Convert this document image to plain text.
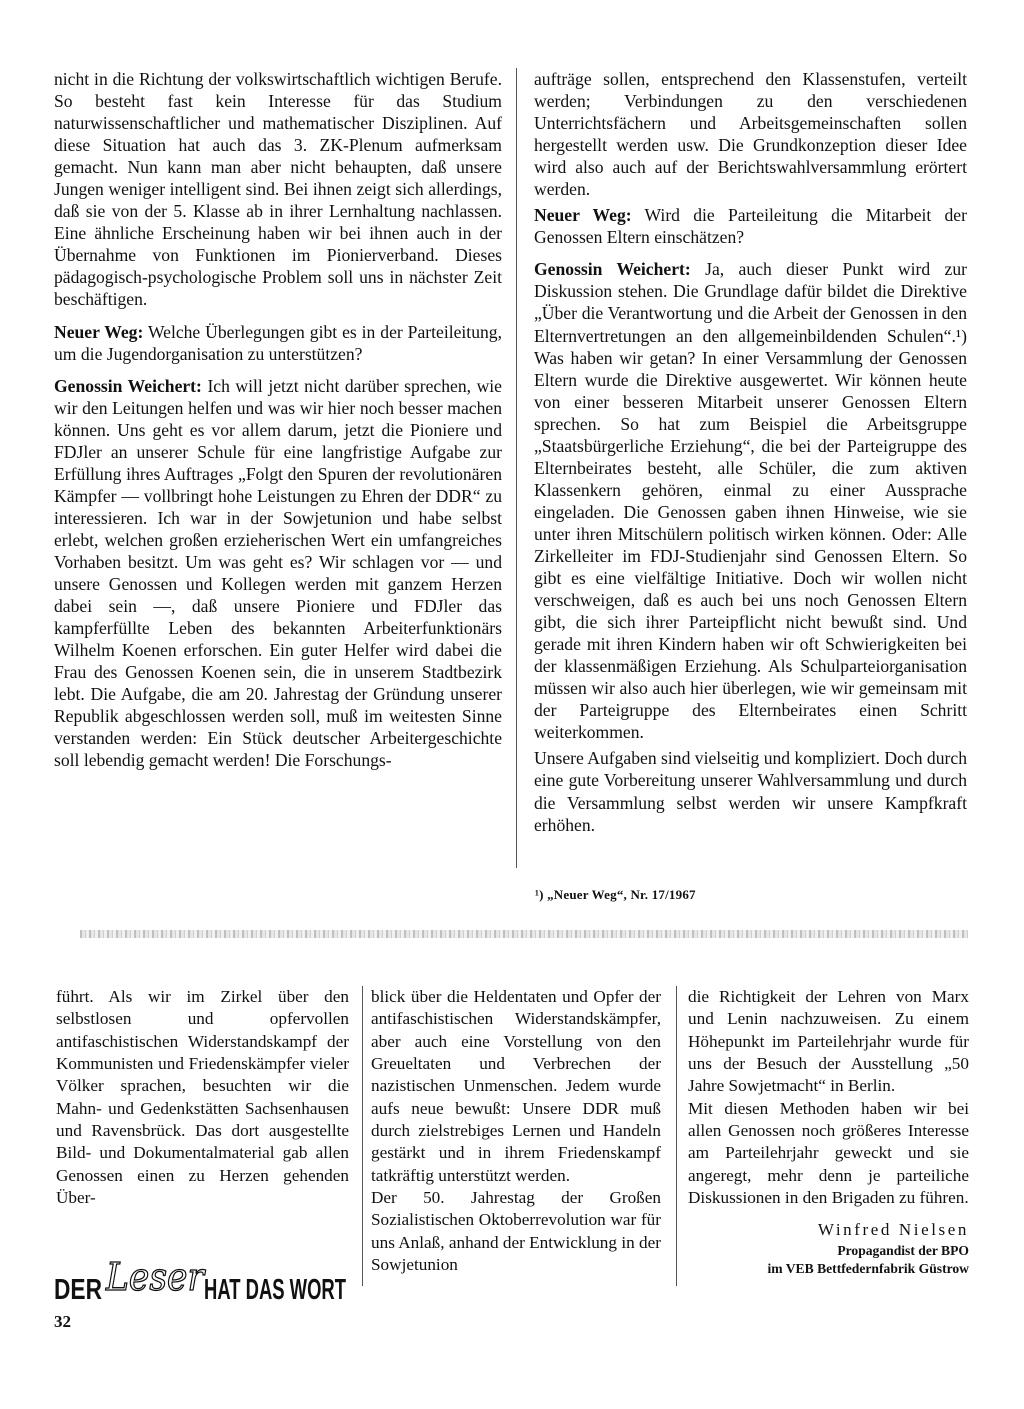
nicht in die Richtung der volkswirtschaftlich wichtigen Berufe. So besteht fast kein Interesse für das Studium naturwissenschaftlicher und mathematischer Disziplinen. Auf diese Situation hat auch das 3. ZK-Plenum aufmerksam gemacht. Nun kann man aber nicht behaupten, daß unsere Jungen weniger intelligent sind. Bei ihnen zeigt sich allerdings, daß sie von der 5. Klasse ab in ihrer Lernhaltung nachlassen. Eine ähnliche Erscheinung haben wir bei ihnen auch in der Übernahme von Funktionen im Pionierverband. Dieses pädagogisch-psychologische Problem soll uns in nächster Zeit beschäftigen.

Neuer Weg: Welche Überlegungen gibt es in der Parteileitung, um die Jugendorganisation zu unterstützen?

Genossin Weichert: Ich will jetzt nicht darüber sprechen, wie wir den Leitungen helfen und was wir hier noch besser machen können. Uns geht es vor allem darum, jetzt die Pioniere und FDJler an unserer Schule für eine langfristige Aufgabe zur Erfüllung ihres Auftrages „Folgt den Spuren der revolutionären Kämpfer — vollbringt hohe Leistungen zu Ehren der DDR“ zu interessieren. Ich war in der Sowjetunion und habe selbst erlebt, welchen großen erzieherischen Wert ein umfangreiches Vorhaben besitzt. Um was geht es? Wir schlagen vor — und unsere Genossen und Kollegen werden mit ganzem Herzen dabei sein —, daß unsere Pioniere und FDJler das kampferfüllte Leben des bekannten Arbeiterfunktionärs Wilhelm Koenen erforschen. Ein guter Helfer wird dabei die Frau des Genossen Koenen sein, die in unserem Stadtbezirk lebt. Die Aufgabe, die am 20. Jahrestag der Gründung unserer Republik abgeschlossen werden soll, muß im weitesten Sinne verstanden werden: Ein Stück deutscher Arbeitergeschichte soll lebendig gemacht werden! Die Forschungs-

aufträge sollen, entsprechend den Klassenstufen, verteilt werden; Verbindungen zu den verschiedenen Unterrichtsfächern und Arbeitsgemeinschaften sollen hergestellt werden usw. Die Grundkonzeption dieser Idee wird also auch auf der Berichtswahlversammlung erörtert werden.

Neuer Weg: Wird die Parteileitung die Mitarbeit der Genossen Eltern einschätzen?

Genossin Weichert: Ja, auch dieser Punkt wird zur Diskussion stehen. Die Grundlage dafür bildet die Direktive „Über die Verantwortung und die Arbeit der Genossen in den Elternvertretungen an den allgemeinbildenden Schulen“.¹) Was haben wir getan? In einer Versammlung der Genossen Eltern wurde die Direktive ausgewertet. Wir können heute von einer besseren Mitarbeit unserer Genossen Eltern sprechen. So hat zum Beispiel die Arbeitsgruppe „Staatsbürgerliche Erziehung“, die bei der Parteigruppe des Elternbeirates besteht, alle Schüler, die zum aktiven Klassenkern gehören, einmal zu einer Aussprache eingeladen. Die Genossen gaben ihnen Hinweise, wie sie unter ihren Mitschülern politisch wirken können. Oder: Alle Zirkelleiter im FDJ-Studienjahr sind Genossen Eltern. So gibt es eine vielfältige Initiative. Doch wir wollen nicht verschweigen, daß es auch bei uns noch Genossen Eltern gibt, die sich ihrer Parteipflicht nicht bewußt sind. Und gerade mit ihren Kindern haben wir oft Schwierigkeiten bei der klassenmäßigen Erziehung. Als Schulparteiorganisation müssen wir also auch hier überlegen, wie wir gemeinsam mit der Parteigruppe des Elternbeirates einen Schritt weiterkommen.

Unsere Aufgaben sind vielseitig und kompliziert. Doch durch eine gute Vorbereitung unserer Wahlversammlung und durch die Versammlung selbst werden wir unsere Kampfkraft erhöhen.

¹) „Neuer Weg“, Nr. 17/1967

führt. Als wir im Zirkel über den selbstlosen und opfervollen antifaschistischen Widerstandskampf der Kommunisten und Friedenskämpfer vieler Völker sprachen, besuchten wir die Mahn- und Gedenkstätten Sachsenhausen und Ravensbrück. Das dort ausgestellte Bild- und Dokumentalmaterial gab allen Genossen einen zu Herzen gehenden Über-

blick über die Heldentaten und Opfer der antifaschistischen Widerstandskämpfer, aber auch eine Vorstellung von den Greueltaten und Verbrechen der nazistischen Unmenschen. Jedem wurde aufs neue bewußt: Unsere DDR muß durch zielstrebiges Lernen und Handeln gestärkt und in ihrem Friedenskampf tatkräftig unterstützt werden.

Der 50. Jahrestag der Großen Sozialistischen Oktoberrevolution war für uns Anlaß, anhand der Entwicklung in der Sowjetunion

die Richtigkeit der Lehren von Marx und Lenin nachzuweisen. Zu einem Höhepunkt im Parteilehrjahr wurde für uns der Besuch der Ausstellung „50 Jahre Sowjetmacht“ in Berlin.

Mit diesen Methoden haben wir bei allen Genossen noch größeres Interesse am Parteilehrjahr geweckt und sie angeregt, mehr denn je parteiliche Diskussionen in den Brigaden zu führen.

Winfred Nielsen

Propagandist der BPO

im VEB Bettfedernfabrik Güstrow

DER Leser
HAT DAS WORT
32
